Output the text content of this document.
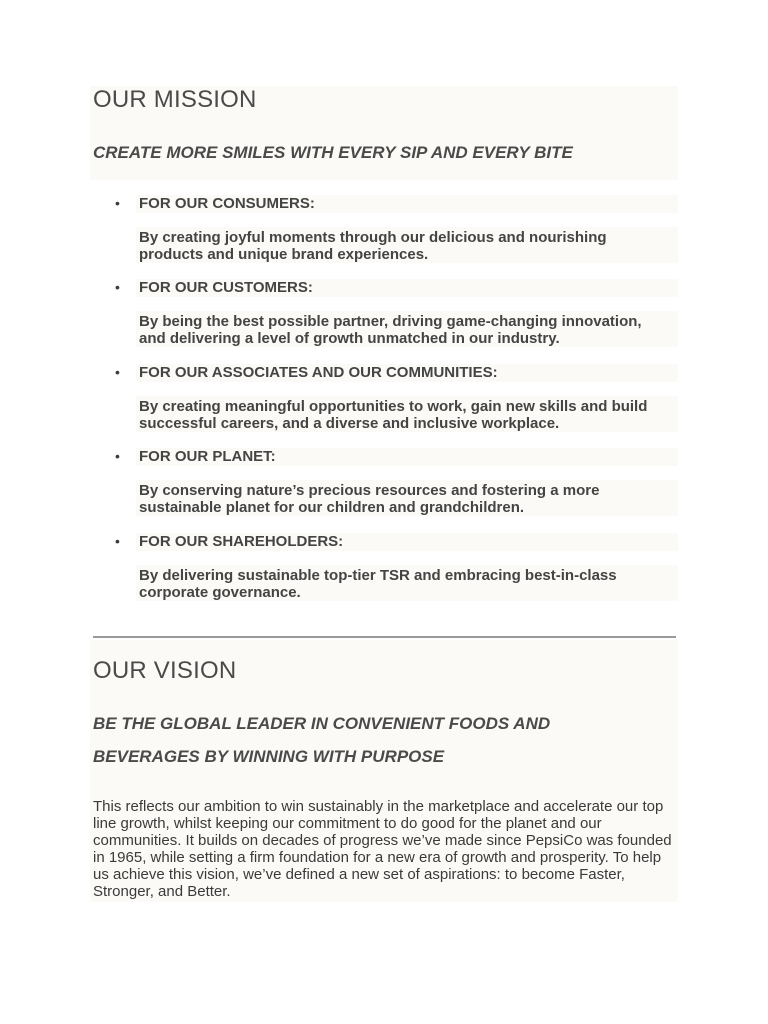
OUR MISSION

CREATE MORE SMILES WITH EVERY SIP AND EVERY BITE

• FOR OUR CONSUMERS:
By creating joyful moments through our delicious and nourishing products and unique brand experiences.
• FOR OUR CUSTOMERS:
By being the best possible partner, driving game-changing innovation, and delivering a level of growth unmatched in our industry.
• FOR OUR ASSOCIATES AND OUR COMMUNITIES:
By creating meaningful opportunities to work, gain new skills and build successful careers, and a diverse and inclusive workplace.
• FOR OUR PLANET:
By conserving nature’s precious resources and fostering a more sustainable planet for our children and grandchildren.
• FOR OUR SHAREHOLDERS:
By delivering sustainable top-tier TSR and embracing best-in-class corporate governance.
OUR VISION

BE THE GLOBAL LEADER IN CONVENIENT FOODS AND

BEVERAGES BY WINNING WITH PURPOSE

This reflects our ambition to win sustainably in the marketplace and accelerate our top line growth, whilst keeping our commitment to do good for the planet and our communities. It builds on decades of progress we’ve made since PepsiCo was founded in 1965, while setting a firm foundation for a new era of growth and prosperity. To help us achieve this vision, we’ve defined a new set of aspirations: to become Faster, Stronger, and Better.
